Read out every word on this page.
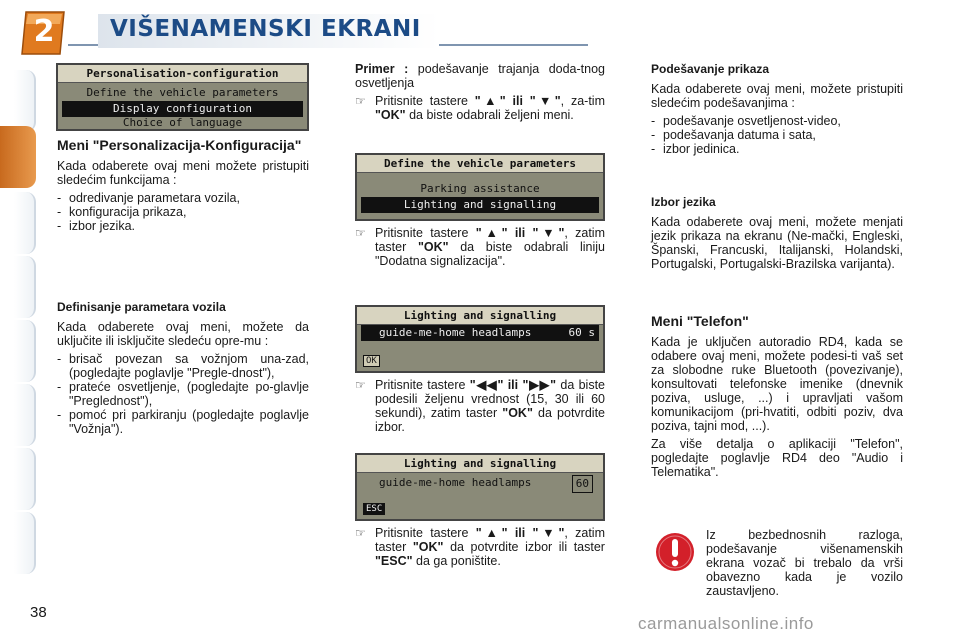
2	VIŠENAMENSKI EKRANI
Personalisation-configuration
Define the vehicle parameters
Display configuration
Choice of language
Meni "Personalizacija-Konfiguracija"

Kada odaberete ovaj meni možete pristupiti sledećim funkcijama :

- odredivanje parametara vozila,
- konfiguracija prikaza,
- izbor jezika.
Definisanje parametara vozila

Kada odaberete ovaj meni, možete da uključite ili isključite sledeću opre-mu :

- brisač povezan sa vožnjom una-zad, (pogledajte poglavlje "Pregle-dnost"),
- prateće osvetljenje, (pogledajte po-glavlje "Preglednost"),
- pomoć pri parkiranju (pogledajte poglavlje "Vožnja").

Primer : podešavanje trajanja doda-tnog osvetljenja

☞ Pritisnite tastere "▲" ili "▼", za-tim "OK" da biste odabrali željeni meni.
Define the vehicle parameters
Parking assistance
Lighting and signalling
☞ Pritisnite tastere "▲" ili "▼", zatim taster "OK" da biste odabrali liniju "Dodatna signalizacija".
Lighting and signalling
guide-me-home headlamps	60 s
OK
☞ Pritisnite tastere "◀◀" ili "▶▶" da biste podesili željenu vrednost (15, 30 ili 60 sekundi), zatim taster "OK" da potvrdite izbor.
Lighting and signalling
guide-me-home headlamps	60
ESC
☞ Pritisnite tastere "▲" ili "▼", zatim taster "OK" da potvrdite izbor ili taster "ESC" da ga poništite.
Podešavanje prikaza

Kada odaberete ovaj meni, možete pristupiti sledećim podešavanjima :

- podešavanje osvetljenost-video,
- podešavanja datuma i sata,
- izbor jedinica.
Izbor jezika

Kada odaberete ovaj meni, možete menjati jezik prikaza na ekranu (Ne-mački, Engleski, Španski, Francuski, Italijanski, Holandski, Portugalski, Portugalski-Brazilska varijanta).

Meni "Telefon"

Kada je uključen autoradio RD4, kada se odabere ovaj meni, možete podesi-ti vaš set za slobodne ruke Bluetooth (povezivanje), konsultovati telefonske imenike (dnevnik poziva, usluge, ...) i upravljati vašom komunikacijom (pri-hvatiti, odbiti poziv, dva poziva, tajni mod, ...).

Za više detalja o aplikaciji "Telefon", pogledajte poglavlje RD4 deo "Audio i Telematika".

Iz bezbednosnih razloga, podešavanje višenamenskih ekrana vozač bi trebalo da vrši obavezno kada je vozilo zaustavljeno.

38
carmanualsonline.info
